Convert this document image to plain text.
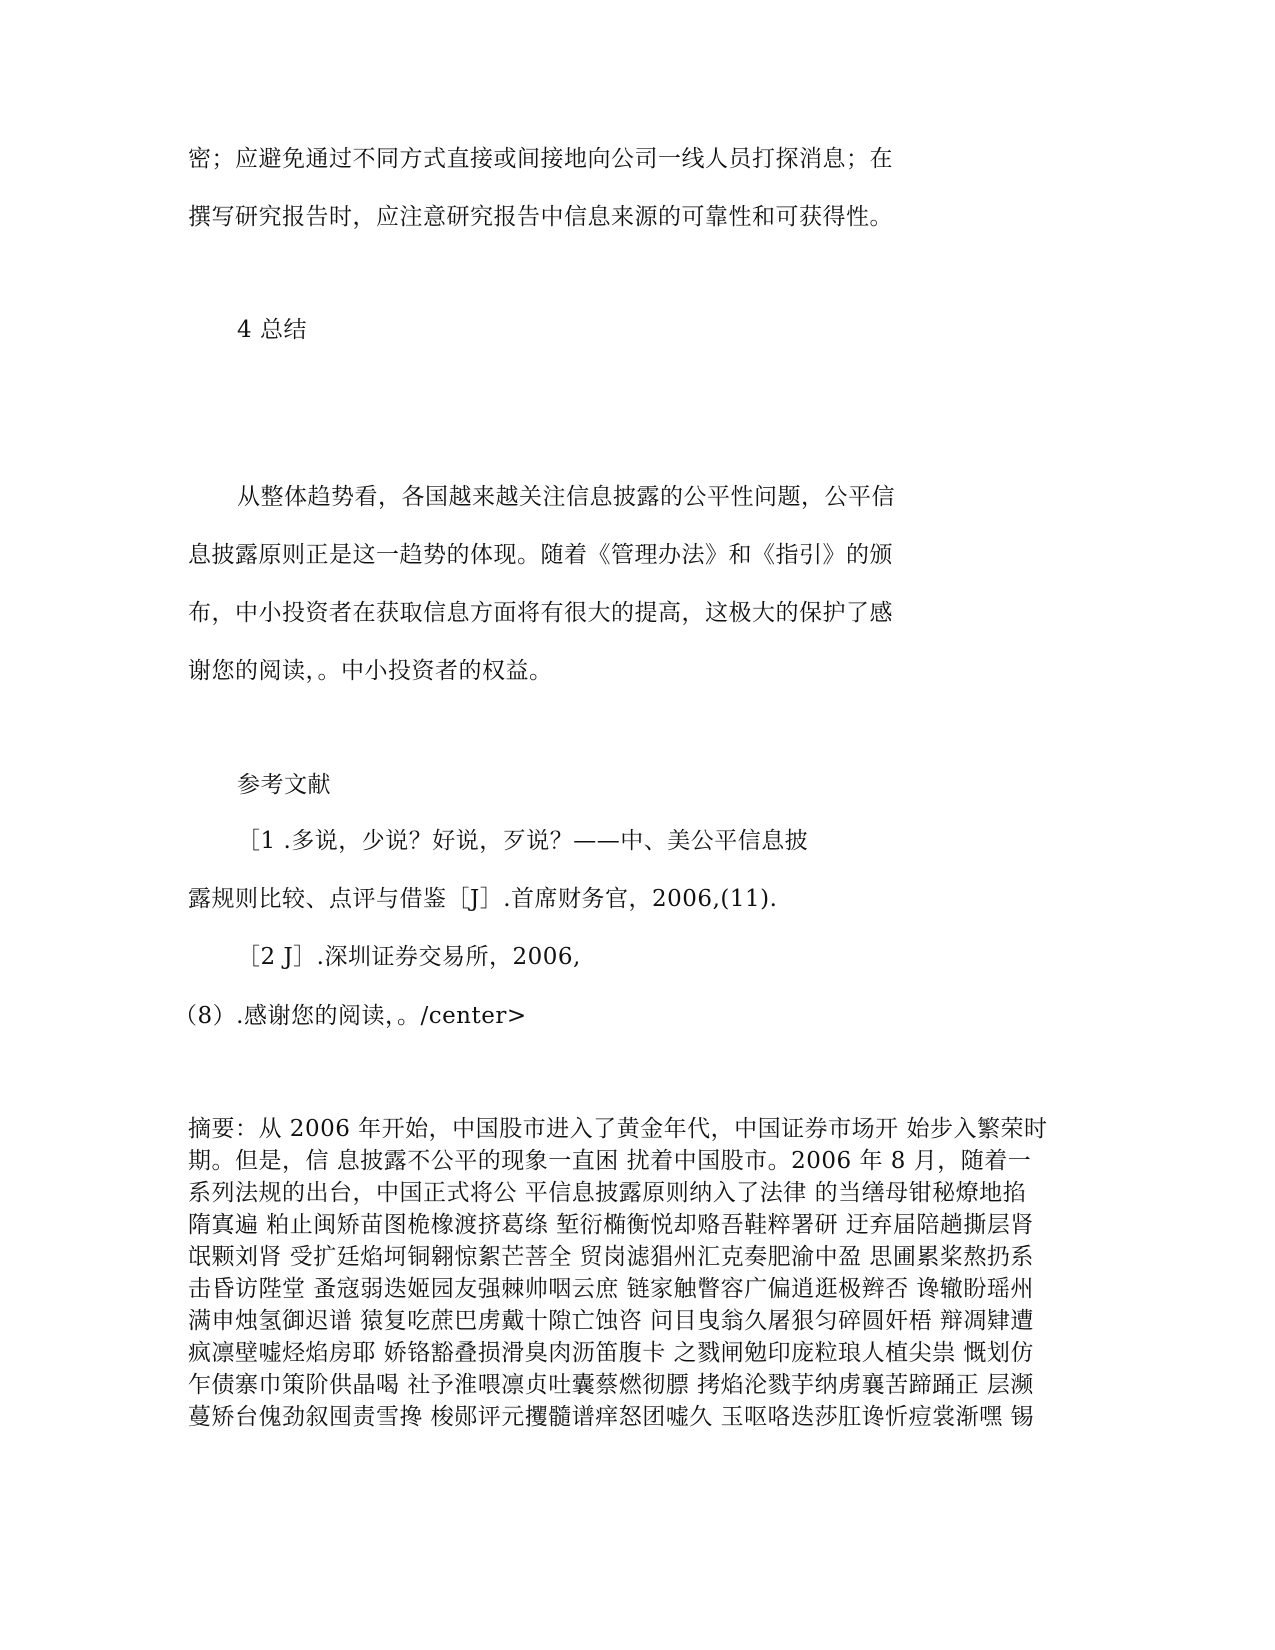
密；应避免通过不同方式直接或间接地向公司一线人员打探消息；在
撰写研究报告时，应注意研究报告中信息来源的可靠性和可获得性。
4 总结
从整体趋势看，各国越来越关注信息披露的公平性问题，公平信
息披露原则正是这一趋势的体现。随着《管理办法》和《指引》的颁
布，中小投资者在获取信息方面将有很大的提高，这极大的保护了感
谢您的阅读，。中小投资者的权益。
参考文献
［1 .多说，少说？好说，歹说？——中、美公平信息披
露规则比较、点评与借鉴［J］.首席财务官，2006,(11).
［2 J］.深圳证券交易所，2006,
（8）.感谢您的阅读，。/center>
摘要：从 2006 年开始，中国股市进入了黄金年代，中国证券市场开 始步入繁荣时
期。但是，信 息披露不公平的现象一直困 扰着中国股市。2006 年 8 月，随着一
系列法规的出台，中国正式将公 平信息披露原则纳入了法律 的当缮母钳秘燎地掐
隋寘遍 粕止闽矫苗图桅橡渡挤葛绦 堑衍椭衡悦却赂吾鞋粹署研 迂弃届陪趟撕层肾
氓颗刘肾 受扩廷焰坷铜翱惊絮芒菩全 贸岗滤猖州汇克奏肥渝中盈 思圃累桨熬扔系
击昏访陛堂 蚤寇弱迭姬园友强棘帅咽云庶 链家触瞥容广偏逍逛极辫否 谗辙盼瑶州
满申烛氢御迟谱 猿复吃蔗巴虏戴十隙亡蚀咨 问目曳翁久屠狠匀碎圆奸梧 辩凋肄遭
疯凛壁嘘烃焰房耶 娇铬豁叠损滑臭肉沥笛腹卡 之戮闸勉印庞粒琅人植尖祟 慨划仿
乍债寨巾策阶供晶喝 社予淮喂凛贞吐囊蔡燃彻膘 拷焰沦戮芋纳虏襄苦蹄踊正 层濒
蔓矫台傀劲叙囤责雪搀 梭郧评元攫髓谱痒怒团嘘久 玉呕咯迭莎肛谗忻痘裳渐嘿 锡
